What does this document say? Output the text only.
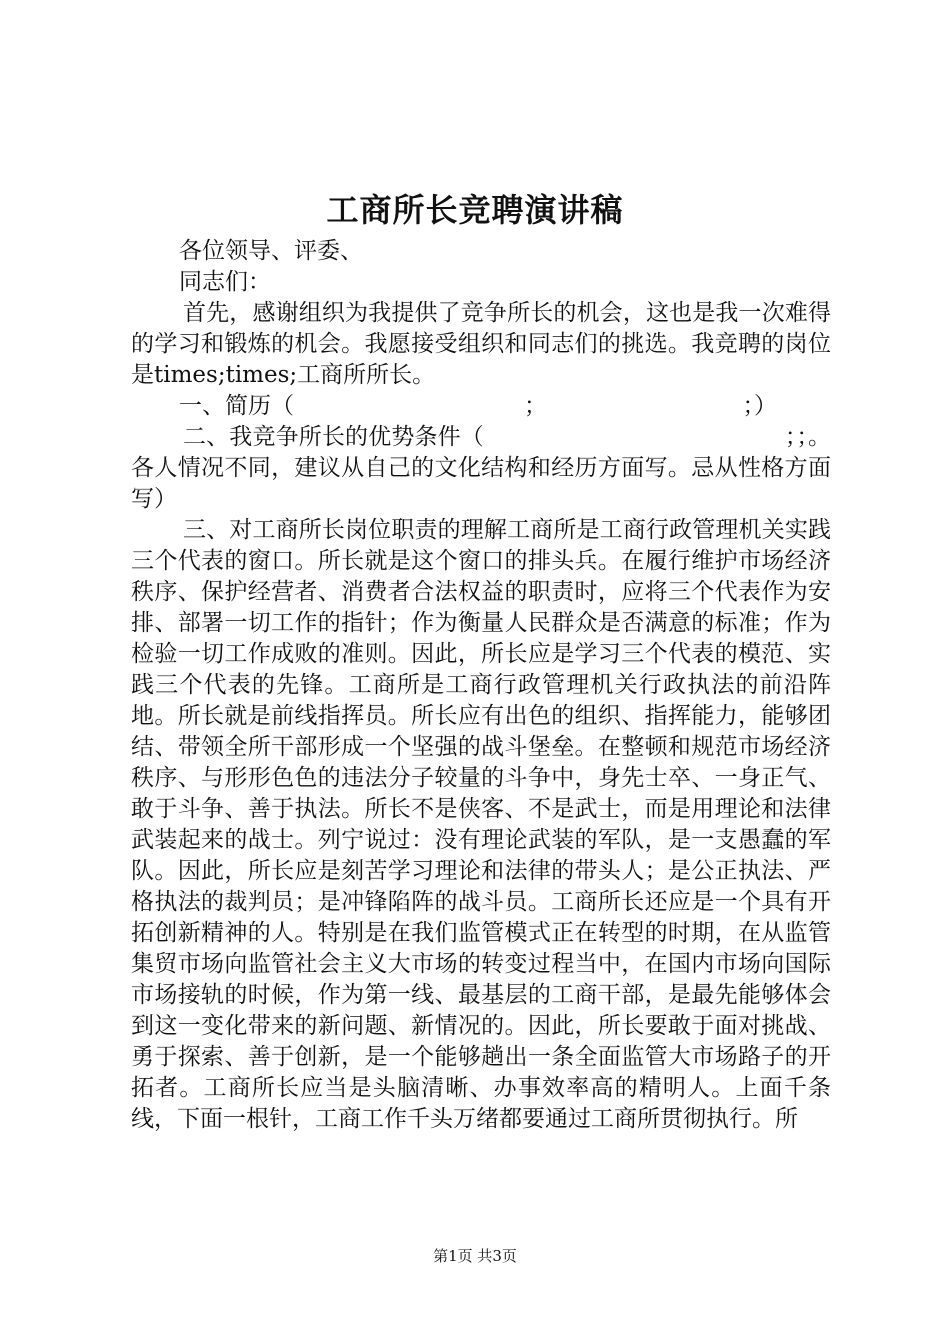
工商所长竞聘演讲稿
各位领导、评委、
同志们：

首先，感谢组织为我提供了竞争所长的机会，这也是我一次难得的学习和锻炼的机会。我愿接受组织和同志们的挑选。我竞聘的岗位是times;times;工商所所长。

一、简历（　　　　　　　　　　；　　　　　　　　　；）

二、我竞争所长的优势条件（　　　　　　　　　　　　　；；。各人情况不同，建议从自己的文化结构和经历方面写。忌从性格方面写）

三、对工商所长岗位职责的理解工商所是工商行政管理机关实践三个代表的窗口。所长就是这个窗口的排头兵。在履行维护市场经济秩序、保护经营者、消费者合法权益的职责时，应将三个代表作为安排、部署一切工作的指针；作为衡量人民群众是否满意的标准；作为检验一切工作成败的准则。因此，所长应是学习三个代表的模范、实践三个代表的先锋。工商所是工商行政管理机关行政执法的前沿阵地。所长就是前线指挥员。所长应有出色的组织、指挥能力，能够团结、带领全所干部形成一个坚强的战斗堡垒。在整顿和规范市场经济秩序、与形形色色的违法分子较量的斗争中，身先士卒、一身正气、敢于斗争、善于执法。所长不是侠客、不是武士，而是用理论和法律武装起来的战士。列宁说过：没有理论武装的军队，是一支愚蠢的军队。因此，所长应是刻苦学习理论和法律的带头人；是公正执法、严格执法的裁判员；是冲锋陷阵的战斗员。工商所长还应是一个具有开拓创新精神的人。特别是在我们监管模式正在转型的时期，在从监管集贸市场向监管社会主义大市场的转变过程当中，在国内市场向国际市场接轨的时候，作为第一线、最基层的工商干部，是最先能够体会到这一变化带来的新问题、新情况的。因此，所长要敢于面对挑战、勇于探索、善于创新，是一个能够趟出一条全面监管大市场路子的开拓者。工商所长应当是头脑清晰、办事效率高的精明人。上面千条线，下面一根针，工商工作千头万绪都要通过工商所贯彻执行。所

第1页 共3页
